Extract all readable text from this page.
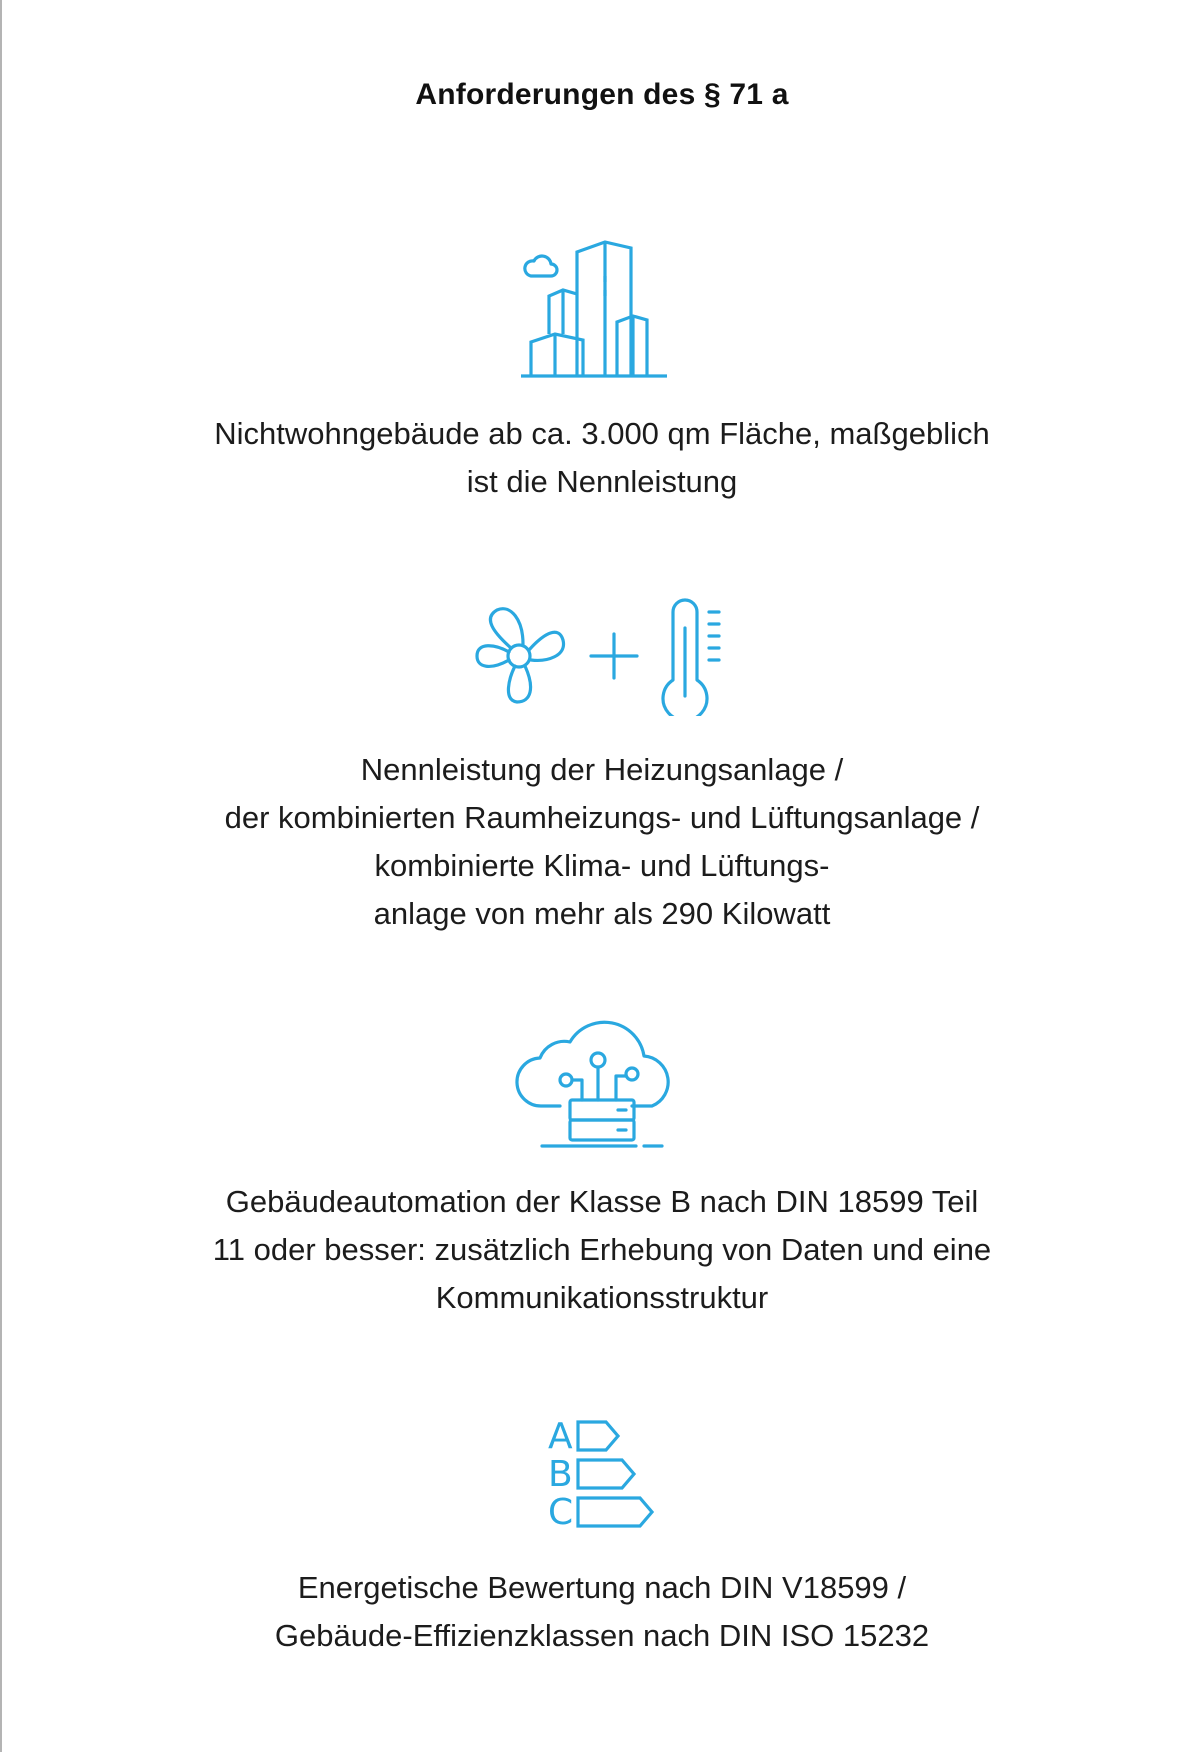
Anforderungen des § 71 a
Nichtwohngebäude ab ca. 3.000 qm Fläche, maßgeblich
ist die Nennleistung
Nennleistung der Heizungsanlage /
der kombinierten Raumheizungs- und Lüftungsanlage /
kombinierte Klima- und Lüftungs-
anlage von mehr als 290 Kilowatt
Gebäudeautomation der Klasse B nach DIN 18599 Teil
11 oder besser: zusätzlich Erhebung von Daten und eine
Kommunikationsstruktur
A
B
C
Energetische Bewertung nach DIN V18599 /
Gebäude-Effizienzklassen nach DIN ISO 15232
